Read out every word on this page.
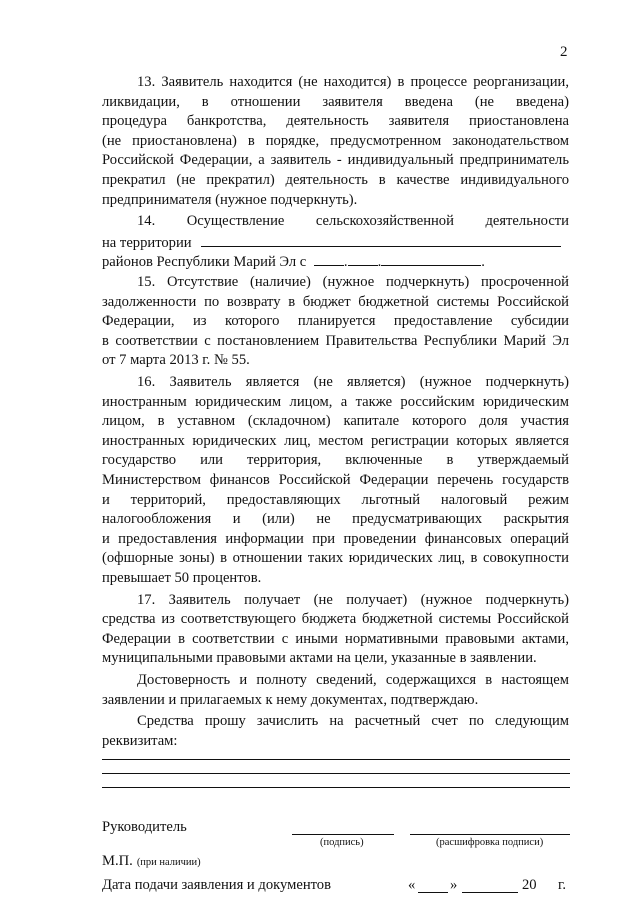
2
13. Заявитель находится (не находится) в процессе реорганизации,
ликвидации, в отношении заявителя введена (не введена)
процедура банкротства, деятельность заявителя приостановлена
(не приостановлена) в порядке, предусмотренном законодательством
Российской Федерации, а заявитель - индивидуальный предприниматель
прекратил (не прекратил) деятельность в качестве индивидуального
предпринимателя (нужное подчеркнуть).
14. Осуществление сельскохозяйственной деятельности
на территории
районов Республики Марий Эл с	. .	.
15. Отсутствие (наличие) (нужное подчеркнуть) просроченной
задолженности по возврату в бюджет бюджетной системы Российской
Федерации, из которого планируется предоставление субсидии
в соответствии с постановлением Правительства Республики Марий Эл
от 7 марта 2013 г. № 55.
16. Заявитель является (не является) (нужное подчеркнуть)
иностранным юридическим лицом, а также российским юридическим
лицом, в уставном (складочном) капитале которого доля участия
иностранных юридических лиц, местом регистрации которых является
государство или территория, включенные в утверждаемый
Министерством финансов Российской Федерации перечень государств
и территорий, предоставляющих льготный налоговый режим
налогообложения и (или) не предусматривающих раскрытия
и предоставления информации при проведении финансовых операций
(офшорные зоны) в отношении таких юридических лиц, в совокупности
превышает 50 процентов.
17. Заявитель получает (не получает) (нужное подчеркнуть)
средства из соответствующего бюджета бюджетной системы Российской
Федерации в соответствии с иными нормативными правовыми актами,
муниципальными правовыми актами на цели, указанные в заявлении.
Достоверность и полноту сведений, содержащихся в настоящем
заявлении и прилагаемых к нему документах, подтверждаю.
Средства прошу зачислить на расчетный счет по следующим
реквизитам:
Руководитель
(подпись)	(расшифровка подписи)
М.П. (при наличии)
Дата подачи заявления и документов	« »	20 г.
